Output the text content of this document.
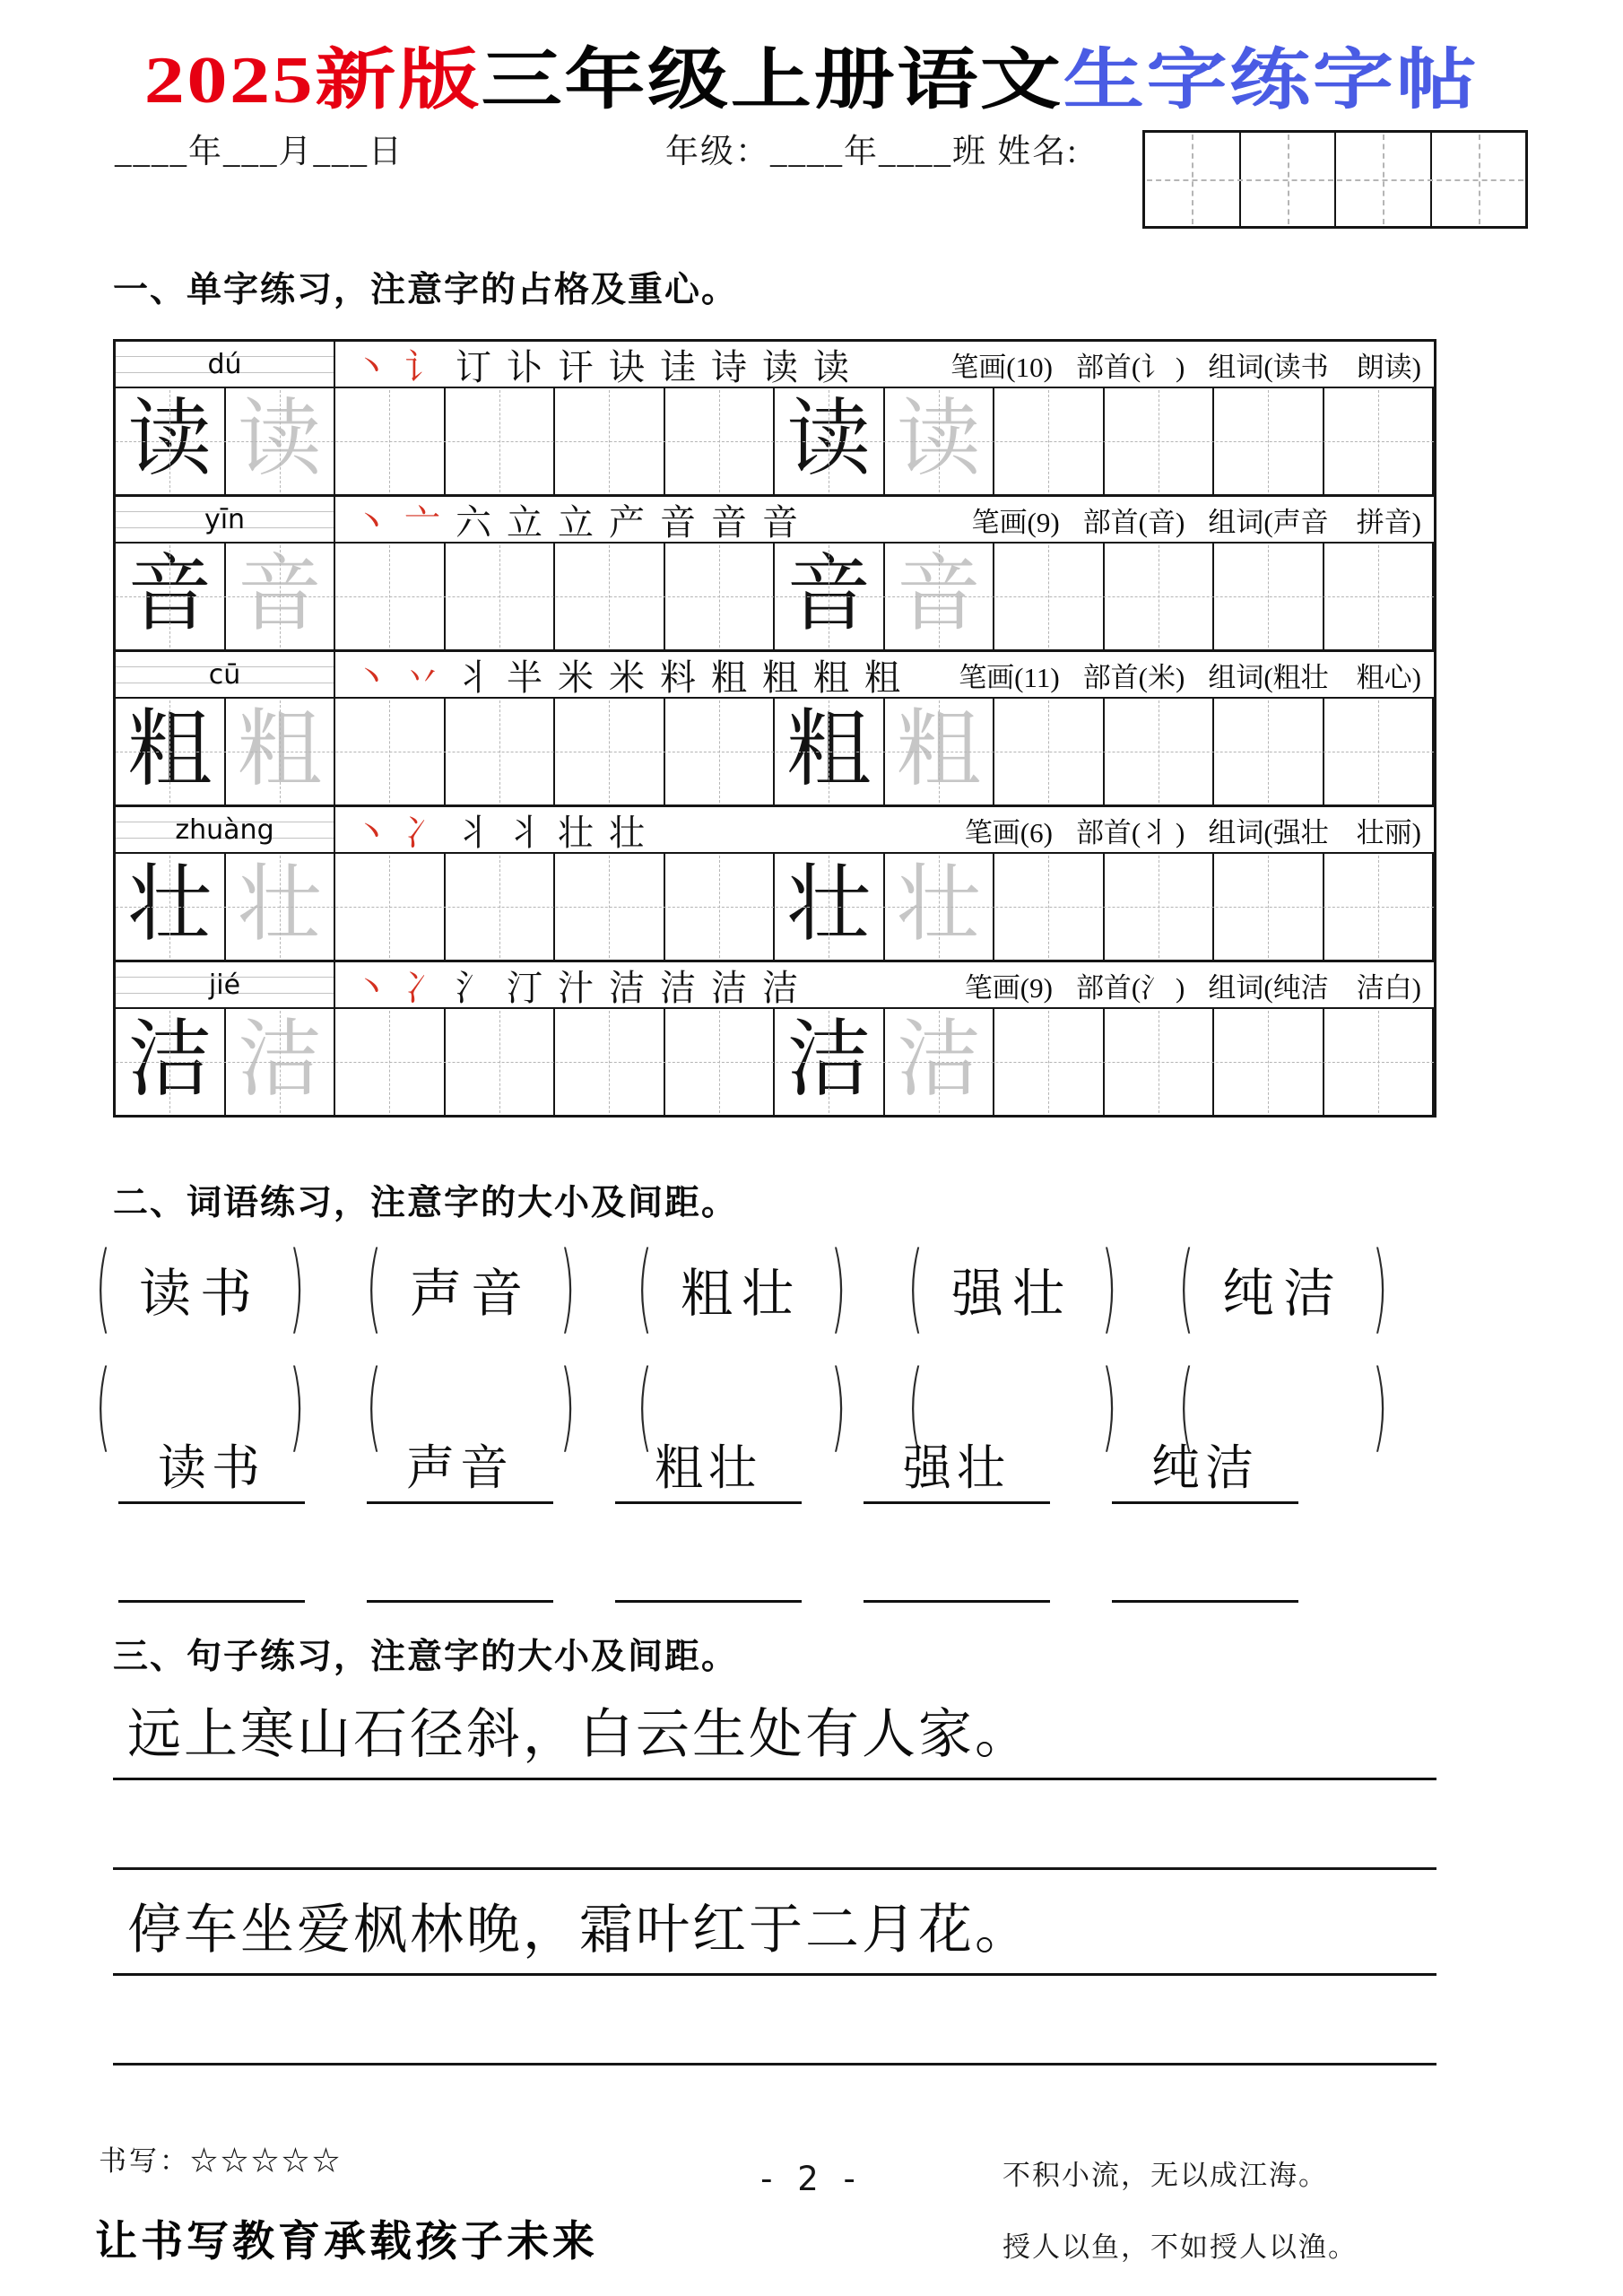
2025新版三年级上册语文生字练字帖
____年___月___日	年级：____年____班 姓名:
一、单字练习，注意字的占格及重心。
dú	丶 讠 订 讣 讦 诀 诖 诗 读 读	笔画(10) 部首(讠 ) 组词(读书　朗读)
读 读	读 读
yīn	丶 亠 六 立 立 产 音 音 音	笔画(9) 部首(音) 组词(声音　拼音)
音 音	音 音
cū	丶 丷 丬 半 米 米 料 粗 粗 粗 粗 笔画(11) 部首(米) 组词(粗壮　粗心)
粗 粗	粗 粗
zhuàng 丶 冫 丬 丬 壮 壮	笔画(6) 部首(丬 ) 组词(强壮　壮丽)
壮 壮	壮 壮
jié	丶 冫 氵 汀 汁 洁 洁 洁 洁	笔画(9) 部首(氵 ) 组词(纯洁　洁白)
洁 洁	洁 洁
二、词语练习，注意字的大小及间距。
( 读书 ) ( 声音 ) ( 粗壮 ) ( 强壮 ) ( 纯洁 )
(	) (	) (	) (	) (	)
读书	声音	粗壮	强壮	纯洁
三、句子练习，注意字的大小及间距。
远上寒山石径斜，白云生处有人家。
停车坐爱枫林晚，霜叶红于二月花。
书写：☆☆☆☆☆	- 2 -	不积小流，无以成江海。
授人以鱼，不如授人以渔。
让书写教育承载孩子未来
